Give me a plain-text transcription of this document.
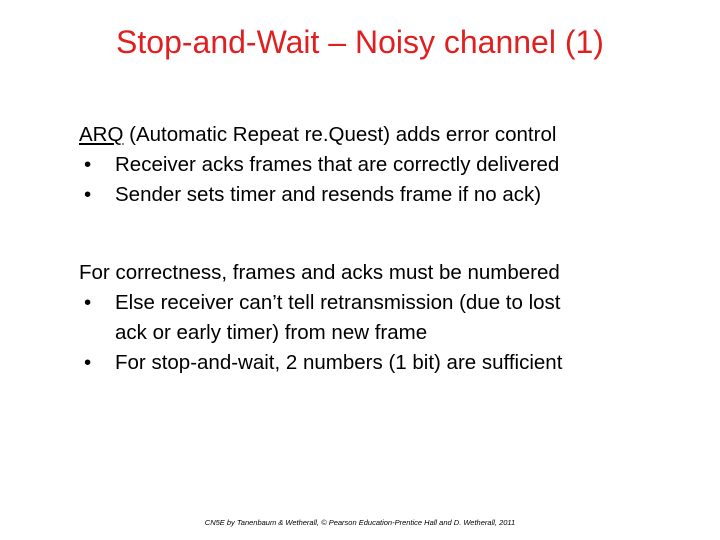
Stop-and-Wait – Noisy channel (1)
ARQ (Automatic Repeat re.Quest) adds error control
• Receiver acks frames that are correctly delivered
• Sender sets timer and resends frame if no ack)
For correctness, frames and acks must be numbered
• Else receiver can’t tell retransmission (due to lost
ack or early timer) from new frame
• For stop-and-wait, 2 numbers (1 bit) are sufficient
CN5E by Tanenbaum & Wetherall, © Pearson Education-Prentice Hall and D. Wetherall, 2011
